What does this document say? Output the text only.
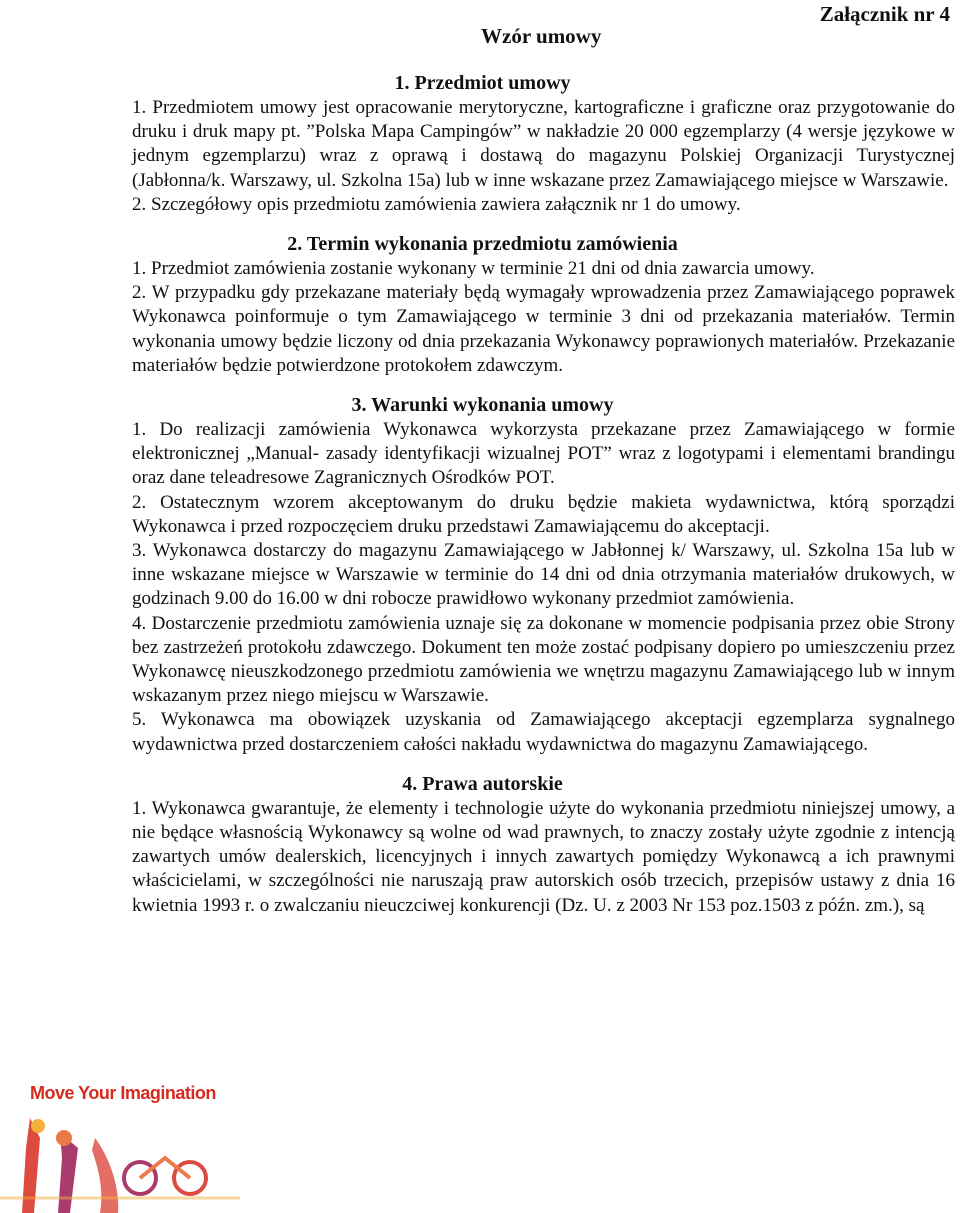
Załącznik nr 4
Wzór umowy

1. Przedmiot umowy

1. Przedmiotem umowy jest opracowanie merytoryczne, kartograficzne i graficzne oraz przygotowanie do druku i druk mapy pt. ”Polska Mapa Campingów” w nakładzie 20 000 egzemplarzy (4 wersje językowe w jednym egzemplarzu) wraz z oprawą i dostawą do magazynu Polskiej Organizacji Turystycznej (Jabłonna/k. Warszawy, ul. Szkolna 15a) lub w inne wskazane przez Zamawiającego miejsce w Warszawie.

2. Szczegółowy opis przedmiotu zamówienia zawiera załącznik nr 1 do umowy.

2. Termin wykonania przedmiotu zamówienia

1. Przedmiot zamówienia zostanie wykonany w terminie 21 dni od dnia zawarcia umowy.

2. W przypadku gdy przekazane materiały będą wymagały wprowadzenia przez Zamawiającego poprawek Wykonawca poinformuje o tym Zamawiającego w terminie 3 dni od przekazania materiałów. Termin wykonania umowy będzie liczony od dnia przekazania Wykonawcy poprawionych materiałów. Przekazanie materiałów będzie potwierdzone protokołem zdawczym.

3. Warunki wykonania umowy

1. Do realizacji zamówienia Wykonawca wykorzysta przekazane przez Zamawiającego w formie elektronicznej „Manual- zasady identyfikacji wizualnej POT” wraz z logotypami i elementami brandingu oraz dane teleadresowe Zagranicznych Ośrodków POT.

2. Ostatecznym wzorem akceptowanym do druku będzie makieta wydawnictwa, którą sporządzi Wykonawca i przed rozpoczęciem druku przedstawi Zamawiającemu do akceptacji.

3. Wykonawca dostarczy do magazynu Zamawiającego w Jabłonnej k/ Warszawy, ul. Szkolna 15a lub w inne wskazane miejsce w Warszawie w terminie do 14 dni od dnia otrzymania materiałów drukowych, w godzinach 9.00 do 16.00 w dni robocze prawidłowo wykonany przedmiot zamówienia.

4. Dostarczenie przedmiotu zamówienia uznaje się za dokonane w momencie podpisania przez obie Strony bez zastrzeżeń protokołu zdawczego. Dokument ten może zostać podpisany dopiero po umieszczeniu przez Wykonawcę nieuszkodzonego przedmiotu zamówienia we wnętrzu magazynu Zamawiającego lub w innym wskazanym przez niego miejscu w Warszawie.

5. Wykonawca ma obowiązek uzyskania od Zamawiającego akceptacji egzemplarza sygnalnego wydawnictwa przed dostarczeniem całości nakładu wydawnictwa do magazynu Zamawiającego.

4. Prawa autorskie

1. Wykonawca gwarantuje, że elementy i technologie użyte do wykonania przedmiotu niniejszej umowy, a nie będące własnością Wykonawcy są wolne od wad prawnych, to znaczy zostały użyte zgodnie z intencją zawartych umów dealerskich, licencyjnych i innych zawartych pomiędzy Wykonawcą a ich prawnymi właścicielami, w szczególności nie naruszają praw autorskich osób trzecich, przepisów ustawy z dnia 16 kwietnia 1993 r. o zwalczaniu nieuczciwej konkurencji (Dz. U. z 2003 Nr 153 poz.1503 z późn. zm.), są

Move Your Imagination
